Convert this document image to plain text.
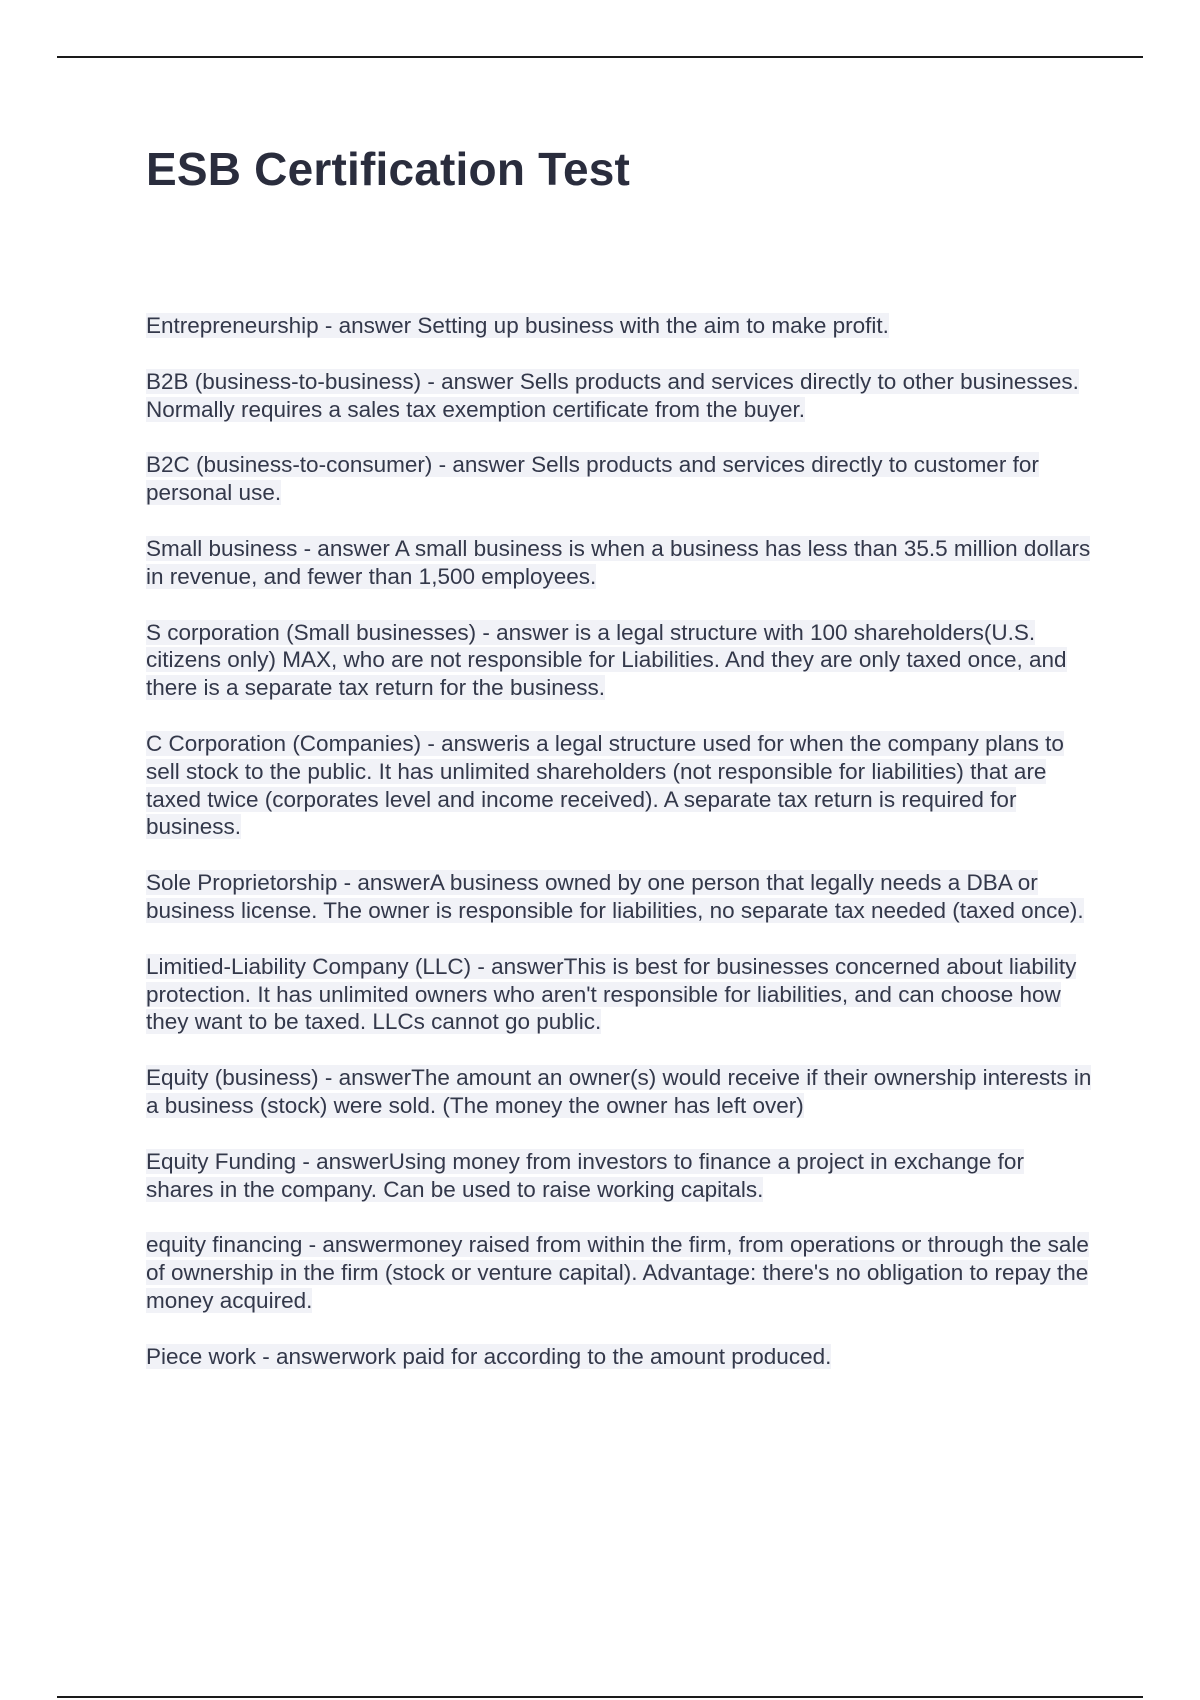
ESB Certification Test
Entrepreneurship - answer Setting up business with the aim to make profit.
B2B (business-to-business) - answer Sells products and services directly to other businesses. Normally requires a sales tax exemption certificate from the buyer.
B2C (business-to-consumer) - answer Sells products and services directly to customer for personal use.
Small business - answer A small business is when a business has less than 35.5 million dollars in revenue, and fewer than 1,500 employees.
S corporation (Small businesses) - answer is a legal structure with 100 shareholders(U.S. citizens only) MAX, who are not responsible for Liabilities. And they are only taxed once, and there is a separate tax return for the business.
C Corporation (Companies) - answeris a legal structure used for when the company plans to sell stock to the public. It has unlimited shareholders (not responsible for liabilities) that are taxed twice (corporates level and income received). A separate tax return is required for business.
Sole Proprietorship - answerA business owned by one person that legally needs a DBA or business license. The owner is responsible for liabilities, no separate tax needed (taxed once).
Limitied-Liability Company (LLC) - answerThis is best for businesses concerned about liability protection. It has unlimited owners who aren't responsible for liabilities, and can choose how they want to be taxed. LLCs cannot go public.
Equity (business) - answerThe amount an owner(s) would receive if their ownership interests in a business (stock) were sold. (The money the owner has left over)
Equity Funding - answerUsing money from investors to finance a project in exchange for shares in the company. Can be used to raise working capitals.
equity financing - answermoney raised from within the firm, from operations or through the sale of ownership in the firm (stock or venture capital). Advantage: there's no obligation to repay the money acquired.
Piece work - answerwork paid for according to the amount produced.
